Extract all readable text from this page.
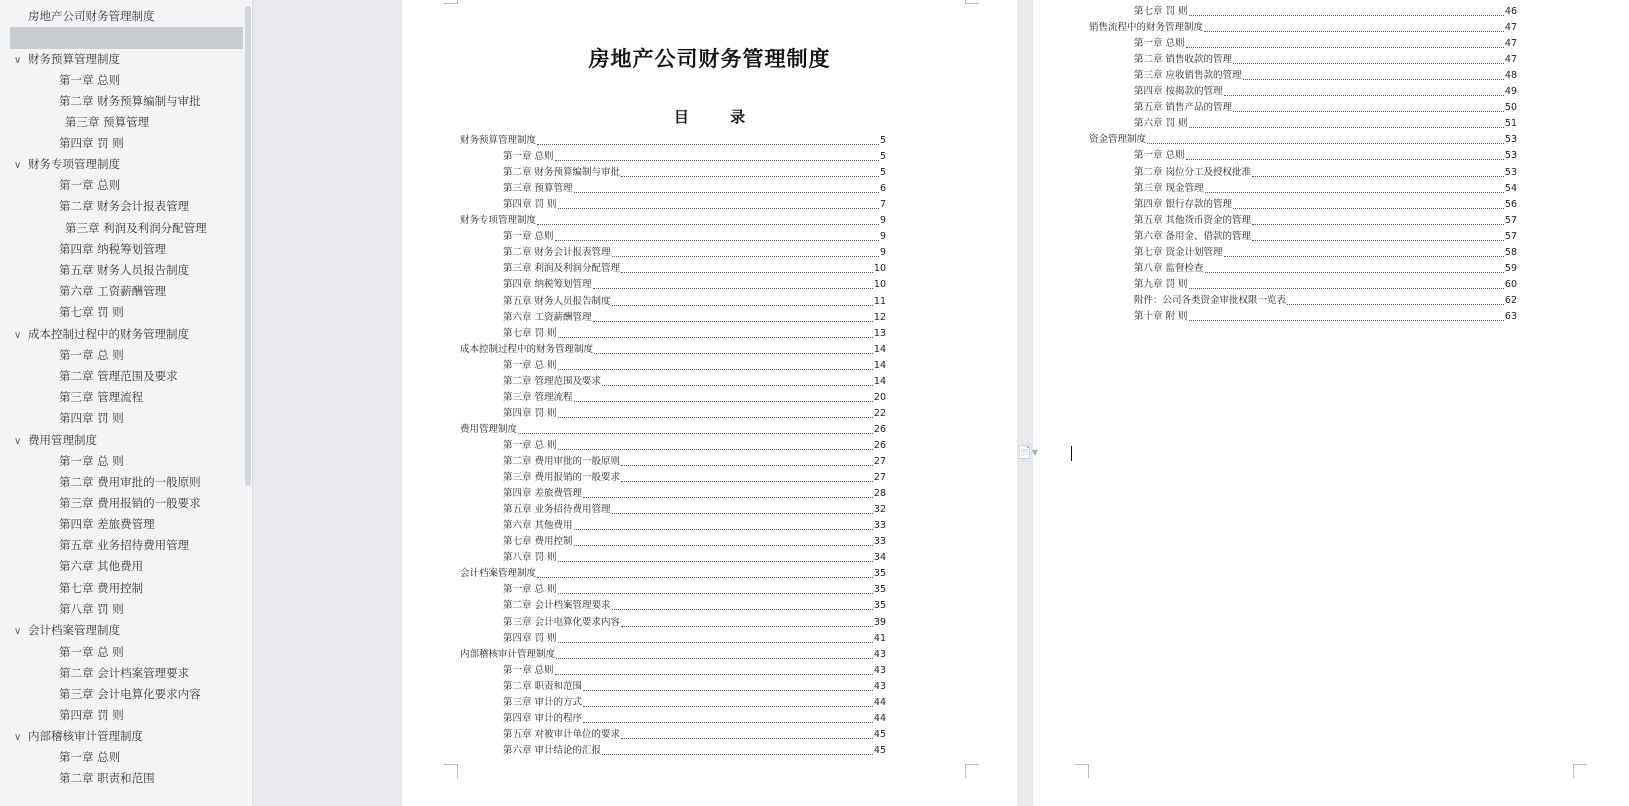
房地产公司财务管理制度
∨ 财务预算管理制度
第一章 总则
第二章 财务预算编制与审批
第三章 预算管理
第四章 罚 则
∨ 财务专项管理制度
第一章 总则
第二章 财务会计报表管理
第三章 利润及利润分配管理
第四章 纳税筹划管理
第五章 财务人员报告制度
第六章 工资薪酬管理
第七章 罚 则
∨ 成本控制过程中的财务管理制度
第一章 总 则
第二章 管理范围及要求
第三章 管理流程
第四章 罚 则
∨ 费用管理制度
第一章 总 则
第二章 费用审批的一般原则
第三章 费用报销的一般要求
第四章 差旅费管理
第五章 业务招待费用管理
第六章 其他费用
第七章 费用控制
第八章 罚 则
∨ 会计档案管理制度
第一章 总 则
第二章 会计档案管理要求
第三章 会计电算化要求内容
第四章 罚 则
∨ 内部稽核审计管理制度
第一章 总则
第二章 职责和范围
房地产公司财务管理制度
目 录
财务预算管理制度	5
第一章 总则	5
第二章 财务预算编制与审批	5
第三章 预算管理	6
第四章 罚 则	7
财务专项管理制度	9
第一章 总则	9
第二章 财务会计报表管理	9
第三章 利润及利润分配管理	10
第四章 纳税筹划管理	10
第五章 财务人员报告制度	11
第六章 工资薪酬管理	12
第七章 罚 则	13
成本控制过程中的财务管理制度	14
第一章 总 则	14
第二章 管理范围及要求	14
第三章 管理流程	20
第四章 罚 则	22
费用管理制度	26
第一章 总 则	26
第二章 费用审批的一般原则	27
第三章 费用报销的一般要求	27
第四章 差旅费管理	28
第五章 业务招待费用管理	32
第六章 其他费用	33
第七章 费用控制	33
第八章 罚 则	34
会计档案管理制度	35
第一章 总 则	35
第二章 会计档案管理要求	35
第三章 会计电算化要求内容	39
第四章 罚 则	41
内部稽核审计管理制度	43
第一章 总则	43
第二章 职责和范围	43
第三章 审计的方式	44
第四章 审计的程序	44
第五章 对被审计单位的要求	45
第六章 审计结论的汇报	45
第七章 罚 则	46
销售流程中的财务管理制度	47
第一章 总则	47
第二章 销售收款的管理	47
第三章 应收销售款的管理	48
第四章 按揭款的管理	49
第五章 销售产品的管理	50
第六章 罚 则	51
资金管理制度	53
第一章 总则	53
第二章 岗位分工及授权批准	53
第三章 现金管理	54
第四章 银行存款的管理	56
第五章 其他货币资金的管理	57
第六章 备用金、借款的管理	57
第七章 资金计划管理	58
第八章 监督检查	59
第九章 罚 则	60
附件：公司各类资金审批权限一览表	62
第十章 附 则	63
📄▾
